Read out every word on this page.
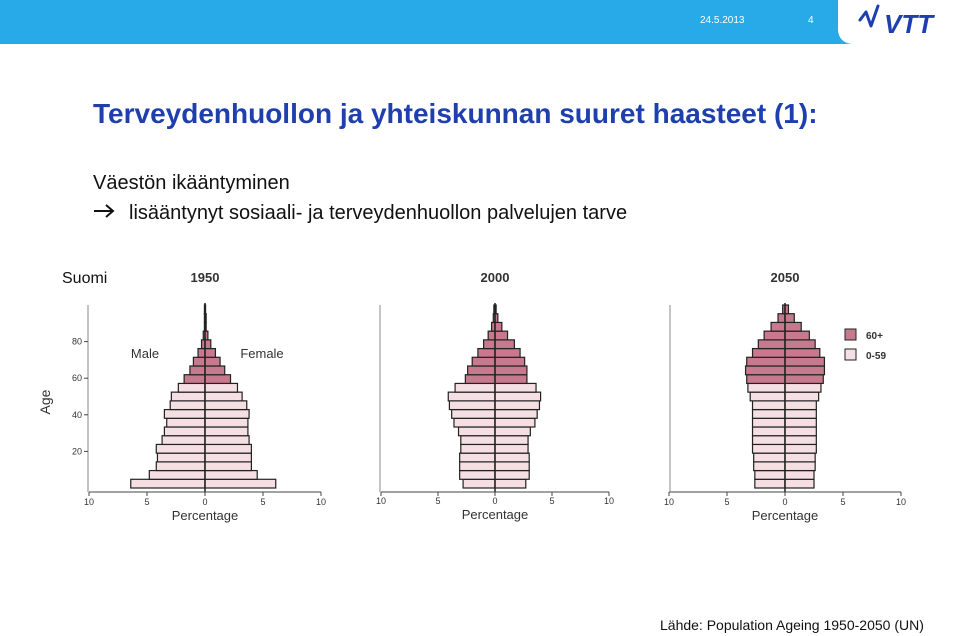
24.5.2013	4	VTT
Terveydenhuollon ja yhteiskunnan suuret haasteet (1):
Väestön ikääntyminen
lisääntynyt sosiaali- ja terveydenhuollon palvelujen tarve
Suomi
Lähde: Population Ageing 1950-2050 (UN)
1950
10	5	0	5	10
Percentage
2000
10	5	0	5	10
Percentage
2050
10	5	0	5	10
Percentage
20
40
60
80
Age
Male	Female
60+
0-59
